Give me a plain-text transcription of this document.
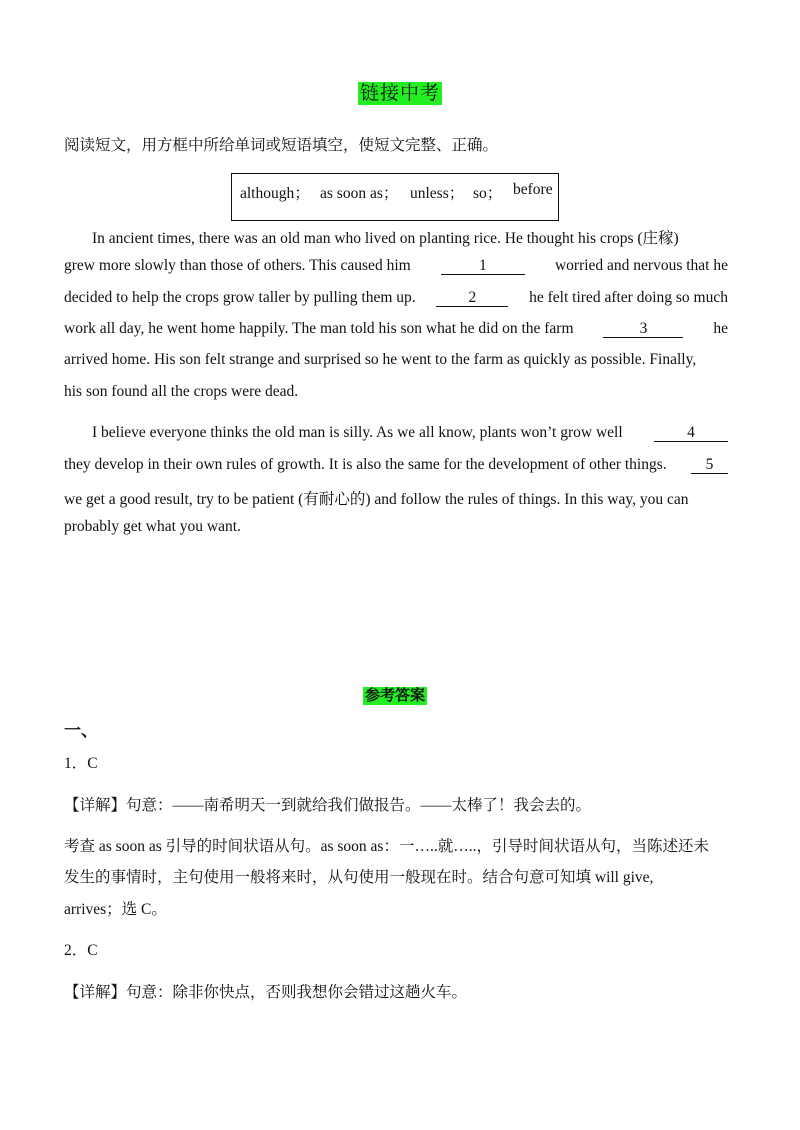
链接中考
阅读短文，用方框中所给单词或短语填空，使短文完整、正确。
although； as soon as； unless； so； before
In ancient times, there was an old man who lived on planting rice. He thought his crops (庄稼)
grew more slowly than those of others. This caused him	1	worried and nervous that he
decided to help the crops grow taller by pulling them up.	2	he felt tired after doing so much
work all day, he went home happily. The man told his son what he did on the farm	3	he
arrived home. His son felt strange and surprised so he went to the farm as quickly as possible. Finally,
his son found all the crops were dead.
I believe everyone thinks the old man is silly. As we all know, plants won’t grow well	4
they develop in their own rules of growth. It is also the same for the development of other things.	5
we get a good result, try to be patient (有耐心的) and follow the rules of things. In this way, you can
probably get what you want.
参考答案
一、
1．C
【详解】句意：——南希明天一到就给我们做报告。——太棒了！我会去的。
考查 as soon as 引导的时间状语从句。as soon as：一…..就…..，引导时间状语从句，当陈述还未
发生的事情时，主句使用一般将来时，从句使用一般现在时。结合句意可知填 will give,
arrives；选 C。
2．C
【详解】句意：除非你快点，否则我想你会错过这趟火车。
